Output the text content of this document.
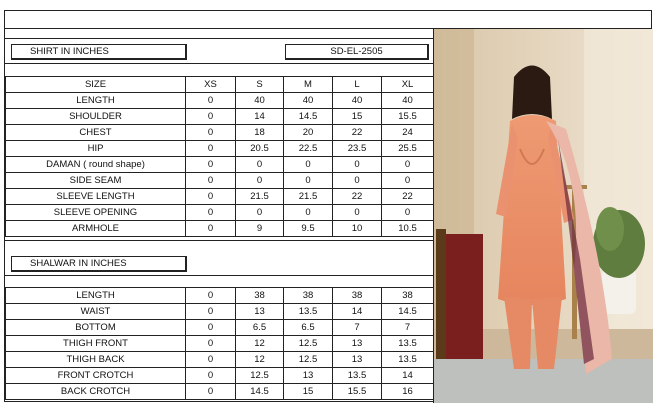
SHIRT IN INCHES	SD-EL-2505
SIZE	XS	S	M	L	XL
LENGTH	0	40	40	40	40
SHOULDER	0	14	14.5	15	15.5
CHEST	0	18	20	22	24
HIP	0	20.5	22.5	23.5	25.5
DAMAN ( round shape)	0	0	0	0	0
SIDE SEAM	0	0	0	0	0
SLEEVE LENGTH	0	21.5	21.5	22	22
SLEEVE OPENING	0	0	0	0	0
ARMHOLE	0	9	9.5	10	10.5
SHALWAR IN INCHES
LENGTH	0	38	38	38	38
WAIST	0	13	13.5	14	14.5
BOTTOM	0	6.5	6.5	7	7
THIGH FRONT	0	12	12.5	13	13.5
THIGH BACK	0	12	12.5	13	13.5
FRONT CROTCH	0	12.5	13	13.5	14
BACK CROTCH	0	14.5	15	15.5	16
